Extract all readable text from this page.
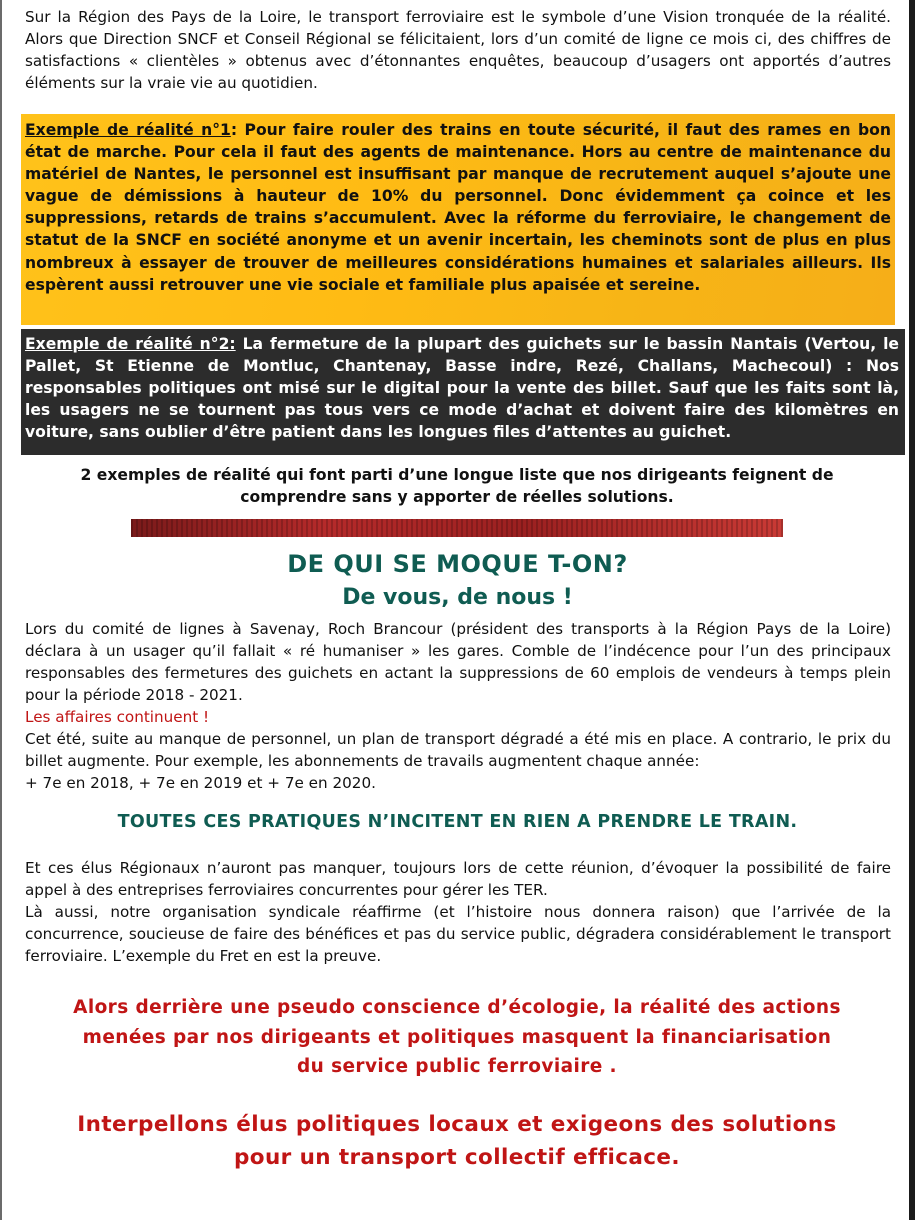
Sur la Région des Pays de la Loire, le transport ferroviaire est le symbole d’une Vision tronquée de la réalité. Alors que Direction SNCF et Conseil Régional se félicitaient, lors d’un comité de ligne ce mois ci, des chiffres de satisfactions « clientèles » obtenus avec d’étonnantes enquêtes, beaucoup d’usagers ont apportés d’autres éléments sur la vraie vie au quotidien.

Exemple de réalité n°1: Pour faire rouler des trains en toute sécurité, il faut des rames en bon état de marche. Pour cela il faut des agents de maintenance. Hors au centre de maintenance du matériel de Nantes, le personnel est insuffisant par manque de recrutement auquel s’ajoute une vague de démissions à hauteur de 10% du personnel. Donc évidemment ça coince et les suppressions, retards de trains s’accumulent. Avec la réforme du ferroviaire, le changement de statut de la SNCF en société anonyme et un avenir incertain, les cheminots sont de plus en plus nombreux à essayer de trouver de meilleures considérations humaines et salariales ailleurs. Ils espèrent aussi retrouver une vie sociale et familiale plus apaisée et sereine.

Exemple de réalité n°2: La fermeture de la plupart des guichets sur le bassin Nantais (Vertou, le Pallet, St Etienne de Montluc, Chantenay, Basse indre, Rezé, Challans, Machecoul) : Nos responsables politiques ont misé sur le digital pour la vente des billet. Sauf que les faits sont là, les usagers ne se tournent pas tous vers ce mode d’achat et doivent faire des kilomètres en voiture, sans oublier d’être patient dans les longues files d’attentes au guichet.

2 exemples de réalité qui font parti d’une longue liste que nos dirigeants feignent de
comprendre sans y apporter de réelles solutions.
DE QUI SE MOQUE T-ON?
De vous, de nous !

Lors du comité de lignes à Savenay, Roch Brancour (président des transports à la Région Pays de la Loire) déclara à un usager qu’il fallait « ré humaniser » les gares. Comble de l’indécence pour l’un des principaux responsables des fermetures des guichets en actant la suppressions de 60 emplois de vendeurs à temps plein pour la période 2018 - 2021.

Les affaires continuent !

Cet été, suite au manque de personnel, un plan de transport dégradé a été mis en place. A contrario, le prix du billet augmente. Pour exemple, les abonnements de travails augmentent chaque année:

+ 7e en 2018, + 7e en 2019 et + 7e en 2020.

TOUTES CES PRATIQUES N’INCITENT EN RIEN A PRENDRE LE TRAIN.

Et ces élus Régionaux n’auront pas manquer, toujours lors de cette réunion, d’évoquer la possibilité de faire appel à des entreprises ferroviaires concurrentes pour gérer les TER.

Là aussi, notre organisation syndicale réaffirme (et l’histoire nous donnera raison) que l’arrivée de la concurrence, soucieuse de faire des bénéfices et pas du service public, dégradera considérablement le transport ferroviaire. L’exemple du Fret en est la preuve.

Alors derrière une pseudo conscience d’écologie, la réalité des actions
menées par nos dirigeants et politiques masquent la financiarisation
du service public ferroviaire .
Interpellons élus politiques locaux et exigeons des solutions
pour un transport collectif efficace.
